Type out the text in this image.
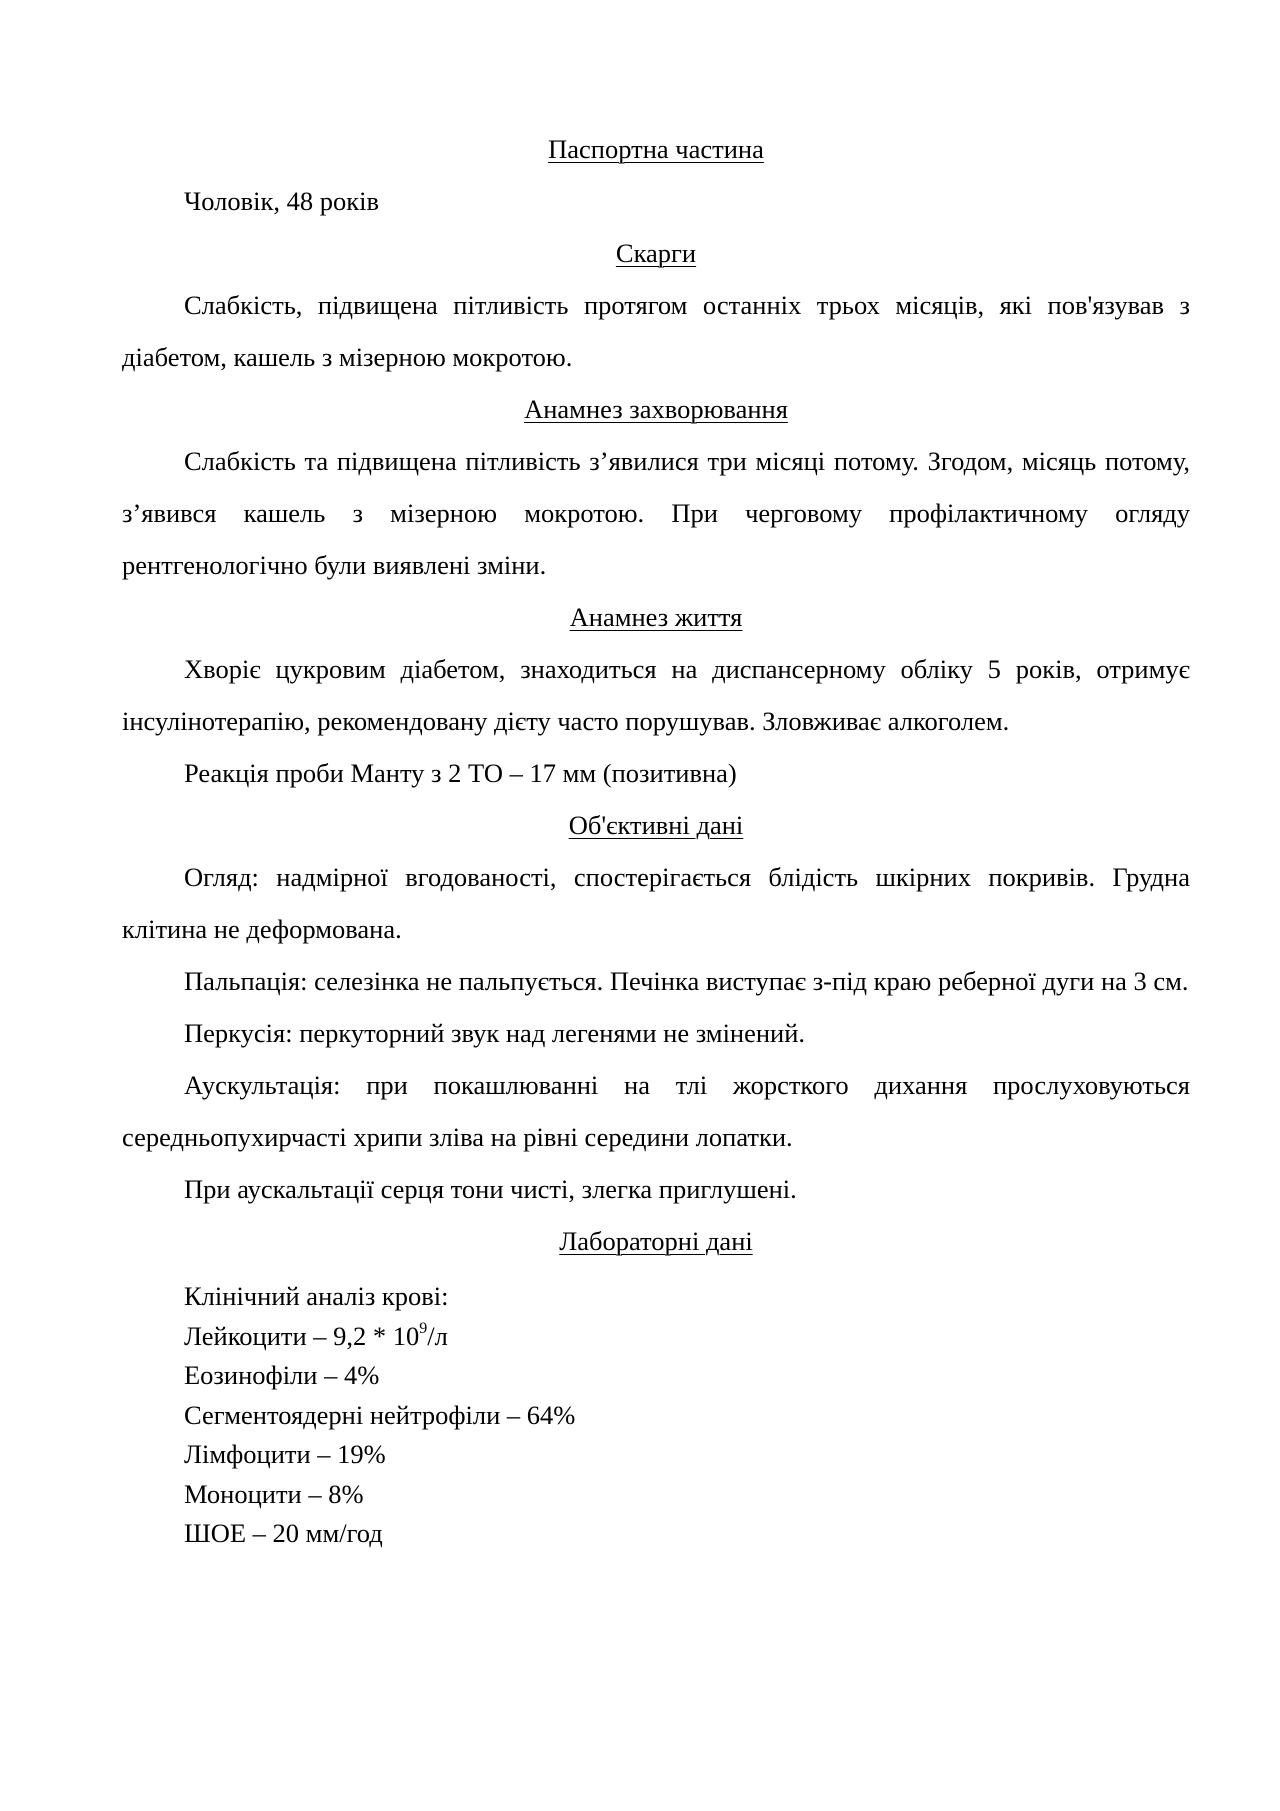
Паспортна частина

Чоловік, 48 років

Скарги

Слабкість, підвищена пітливість протягом останніх трьох місяців, які пов'язував з діабетом, кашель з мізерною мокротою.

Анамнез захворювання

Слабкість та підвищена пітливість з’явилися три місяці потому. Згодом, місяць потому, з’явився кашель з мізерною мокротою. При черговому профілактичному огляду рентгенологічно були виявлені зміни.

Анамнез життя

Хворіє цукровим діабетом, знаходиться на диспансерному обліку 5 років, отримує інсулінотерапію, рекомендовану дієту часто порушував. Зловживає алкоголем.

Реакція проби Манту з 2 ТО – 17 мм (позитивна)

Об'єктивні дані

Огляд: надмірної вгодованості, спостерігається блідість шкірних покривів. Грудна клітина не деформована.

Пальпація: селезінка не пальпується. Печінка виступає з-під краю реберної дуги на 3 см.

Перкусія: перкуторний звук над легенями не змінений.

Аускультація: при покашлюванні на тлі жорсткого дихання прослуховуються середньопухирчасті хрипи зліва на рівні середини лопатки.

При аускальтації серця тони чисті, злегка приглушені.

Лабораторні дані

Клінічний аналіз крові:
Лейкоцити – $9,2 * 10^9/л$
Еозинофіли – 4%
Сегментоядерні нейтрофіли – 64%
Лімфоцити – 19%
Моноцити – 8%
ШОЕ – 20 мм/год
